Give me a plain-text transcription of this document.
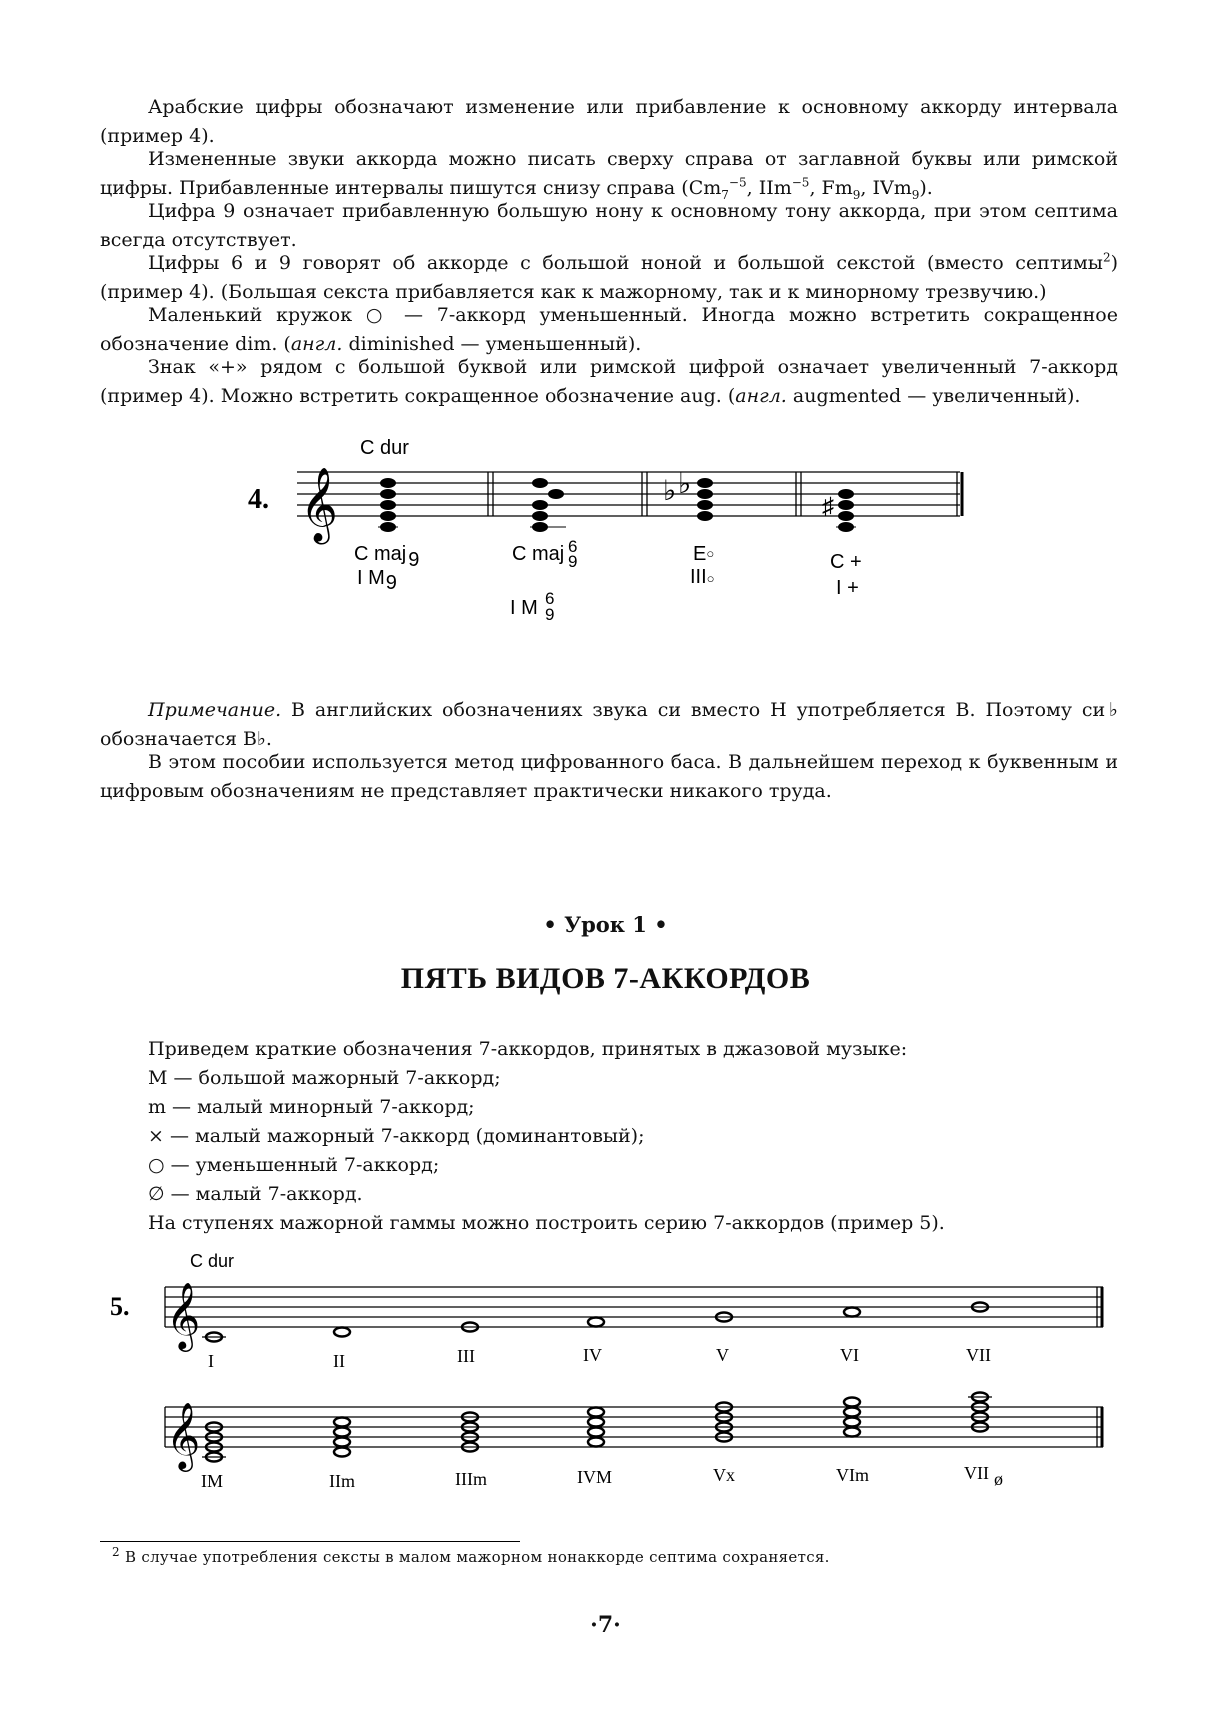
Арабские цифры обозначают изменение или прибавление к основному аккорду интервала (пример 4).
Измененные звуки аккорда можно писать сверху справа от заглавной буквы или римской цифры. Прибавленные интервалы пишутся снизу справа ($Cm_7^{-5}$, IIm$^{-5}$, $Fm_9$, IVm$_9$).
Цифра 9 означает прибавленную большую нону к основному тону аккорда, при этом септима всегда отсутствует.
Цифры 6 и 9 говорят об аккорде с большой ноной и большой секстой (вместо септимы$^2$) (пример 4). (Большая секста прибавляется как к мажорному, так и к минорному трезвучию.)
Маленький кружок ○ — 7-аккорд уменьшенный. Иногда можно встретить сокращенное обозначение dim. (англ. diminished — уменьшенный).
Знак «+» рядом с большой буквой или римской цифрой означает увеличенный 7-аккорд (пример 4). Можно встретить сокращенное обозначение aug. (англ. augmented — увеличенный).
4.
C dur
𝄞	♭ ♭
♯
C maj 9
I M9
C maj 6
9
I M 6
9
E○
III○
C +
I +
Примечание. В английских обозначениях звука си вместо H употребляется B. Поэтому си♭ обозначается B♭.
В этом пособии используется метод цифрованного баса. В дальнейшем переход к буквенным и цифровым обозначениям не представляет практически никакого труда.
• Урок 1 •
ПЯТЬ ВИДОВ 7-АККОРДОВ
Приведем краткие обозначения 7-аккордов, принятых в джазовой музыке:
M — большой мажорный 7-аккорд;
m — малый минорный 7-аккорд;
× — малый мажорный 7-аккорд (доминантовый);
○ — уменьшенный 7-аккорд;
∅ — малый 7-аккорд.
На ступенях мажорной гаммы можно построить серию 7-аккордов (пример 5).
5.
C dur
𝄞
I	II	III	IV	V	VI	VII
𝄞
IM	IIm	IIIm	IVM	Vx	VIm	VII ø
$^2$ В случае употребления сексты в малом мажорном нонаккорде септима сохраняется.
·7·
